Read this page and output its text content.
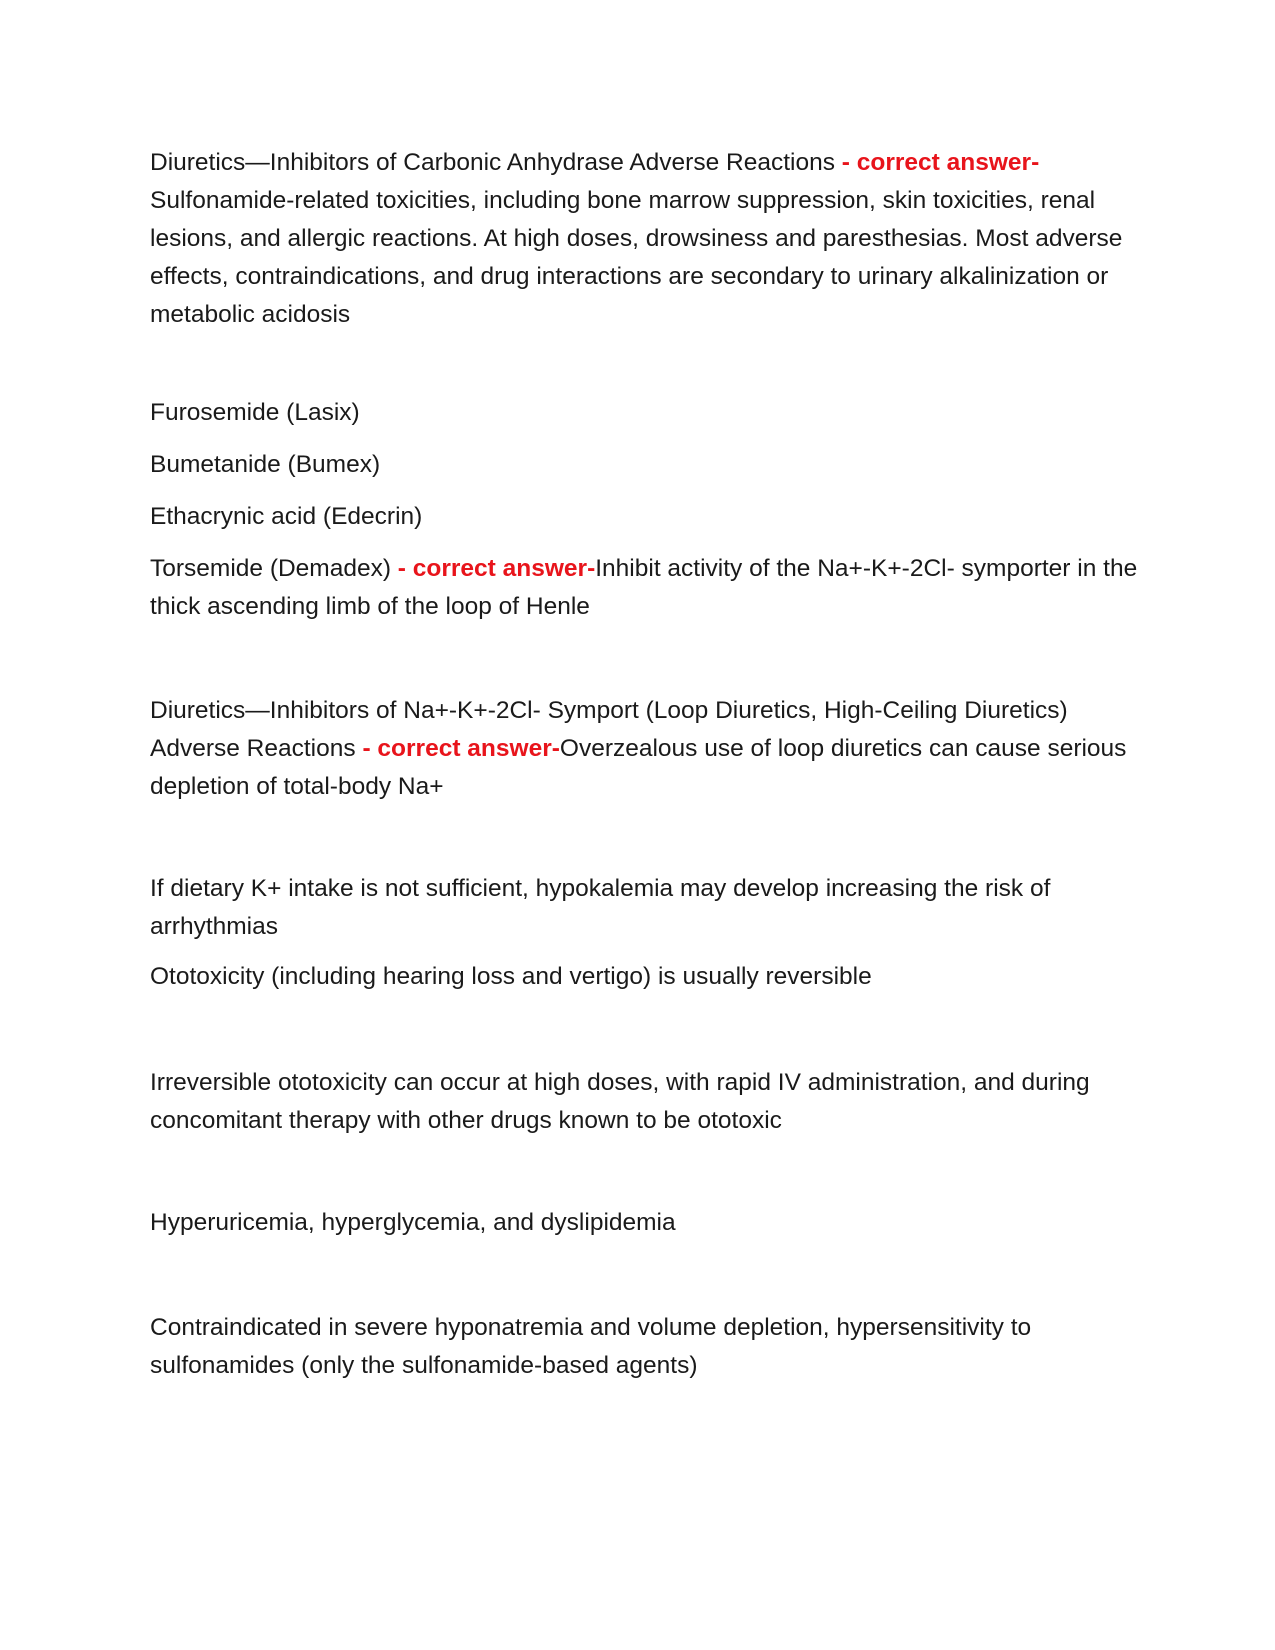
Diuretics—Inhibitors of Carbonic Anhydrase Adverse Reactions - correct answer-Sulfonamide-related toxicities, including bone marrow suppression, skin toxicities, renal lesions, and allergic reactions. At high doses, drowsiness and paresthesias. Most adverse effects, contraindications, and drug interactions are secondary to urinary alkalinization or metabolic acidosis

Furosemide (Lasix)

Bumetanide (Bumex)

Ethacrynic acid (Edecrin)

Torsemide (Demadex) - correct answer-Inhibit activity of the Na+-K+-2Cl- symporter in the thick ascending limb of the loop of Henle

Diuretics—Inhibitors of Na+-K+-2Cl- Symport (Loop Diuretics, High-Ceiling Diuretics) Adverse Reactions - correct answer-Overzealous use of loop diuretics can cause serious depletion of total-body Na+

If dietary K+ intake is not sufficient, hypokalemia may develop increasing the risk of arrhythmias

Ototoxicity (including hearing loss and vertigo) is usually reversible

Irreversible ototoxicity can occur at high doses, with rapid IV administration, and during concomitant therapy with other drugs known to be ototoxic

Hyperuricemia, hyperglycemia, and dyslipidemia

Contraindicated in severe hyponatremia and volume depletion, hypersensitivity to sulfonamides (only the sulfonamide-based agents)
